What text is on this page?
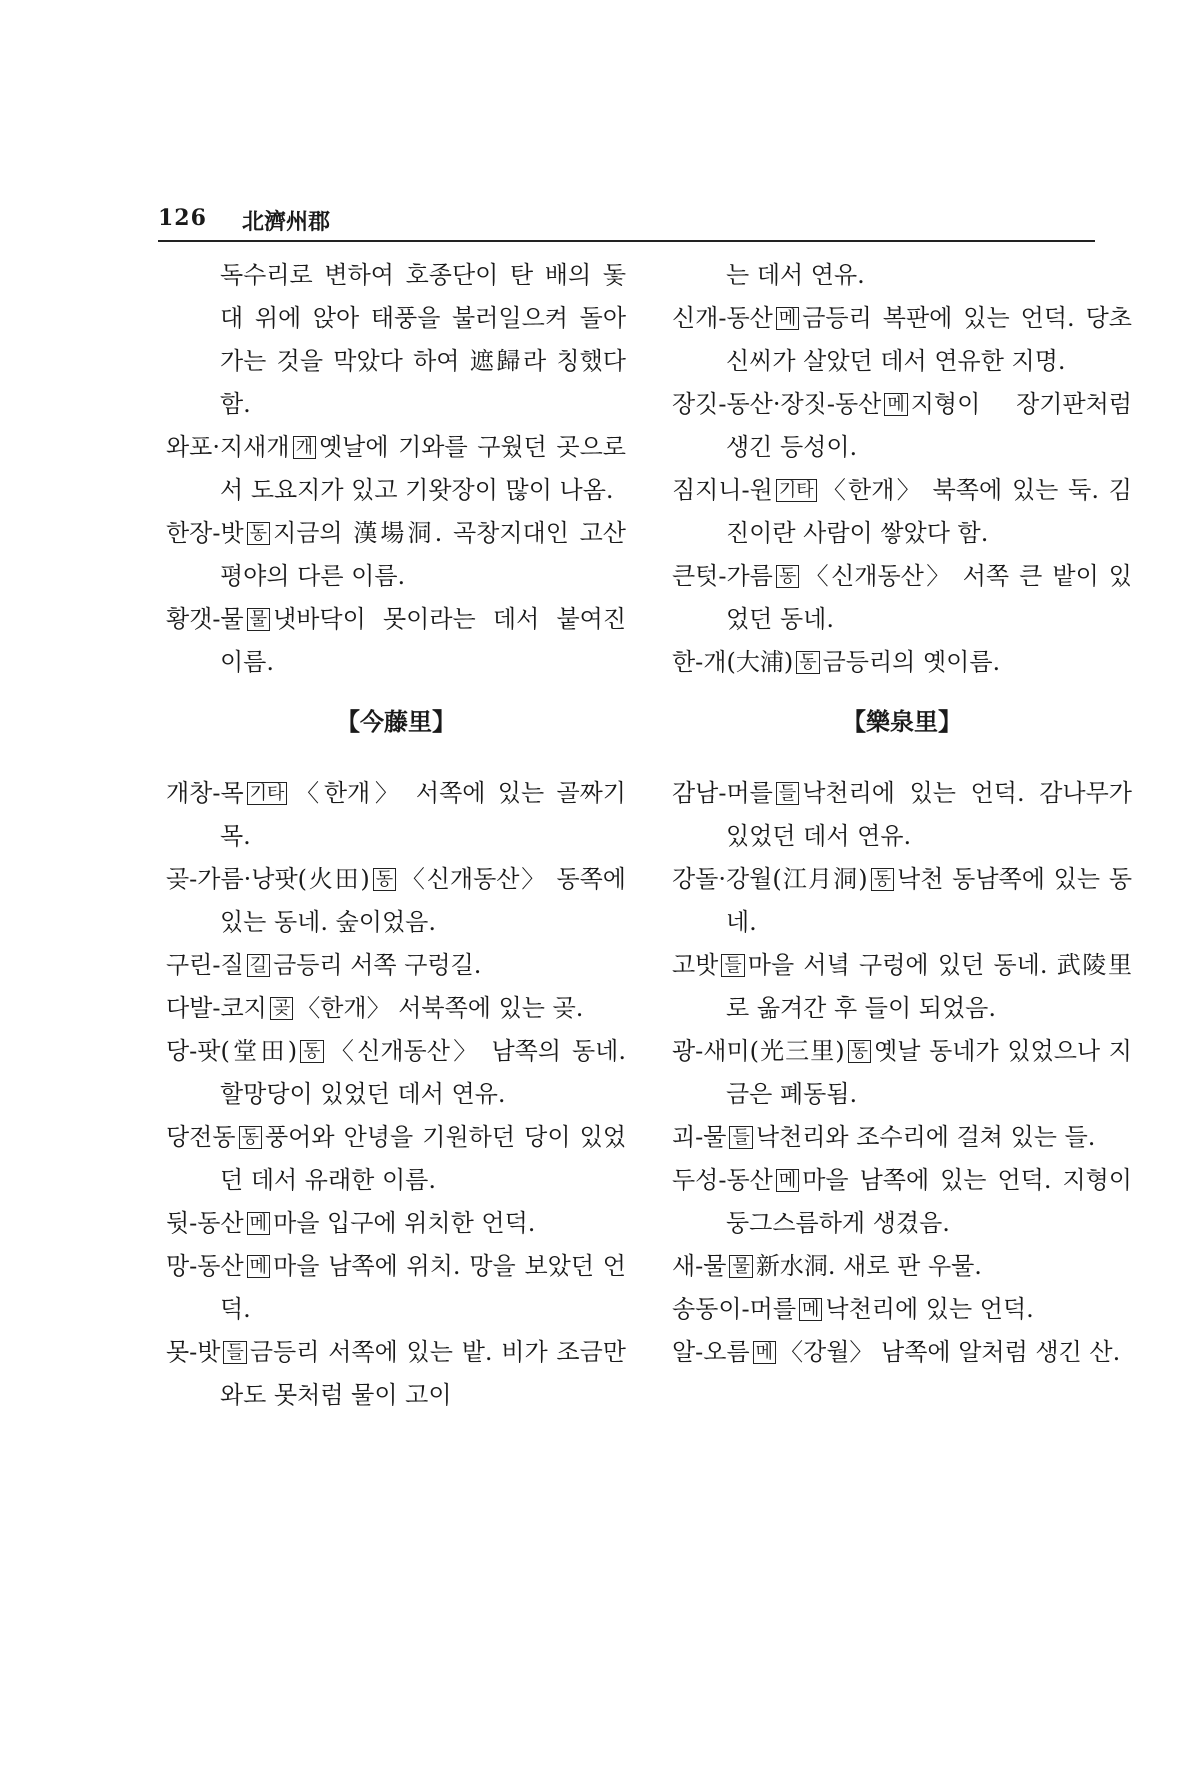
126 北濟州郡

독수리로 변하여 호종단이 탄 배의 돛대 위에 앉아 태풍을 불러일으켜 돌아가는 것을 막았다 하여 遮歸라 칭했다 함.

와포·지새개 개 옛날에 기와를 구웠던 곳으로서 도요지가 있고 기왓장이 많이 나옴.

한장-밧 동 지금의 漢場洞. 곡창지대인 고산평야의 다른 이름.

황갯-물 물 냇바닥이 못이라는 데서 붙여진 이름.

【今藤里】

개창-목 기타 〈한개〉 서쪽에 있는 골짜기 목.

곶-가름·낭팟(火田) 동 〈신개동산〉 동쪽에 있는 동네. 숲이었음.

구린-질 길 금등리 서쪽 구렁길.

다발-코지 곶 〈한개〉 서북쪽에 있는 곶.

당-팟(堂田) 동 〈신개동산〉 남쪽의 동네. 할망당이 있었던 데서 연유.

당전동 동 풍어와 안녕을 기원하던 당이 있었던 데서 유래한 이름.

뒷-동산 메 마을 입구에 위치한 언덕.

망-동산 메 마을 남쪽에 위치. 망을 보았던 언덕.

못-밧 들 금등리 서쪽에 있는 밭. 비가 조금만 와도 못처럼 물이 고이

는 데서 연유.

신개-동산 메 금등리 복판에 있는 언덕. 당초 신씨가 살았던 데서 연유한 지명.

장깃-동산·장짓-동산 메 지형이 장기판처럼 생긴 등성이.

짐지니-원 기타 〈한개〉 북쪽에 있는 둑. 김진이란 사람이 쌓았다 함.

큰텃-가름 동 〈신개동산〉 서쪽 큰 밭이 있었던 동네.

한-개(大浦) 동 금등리의 옛이름.

【樂泉里】

감남-머를 들 낙천리에 있는 언덕. 감나무가 있었던 데서 연유.

강돌·강월(江月洞) 동 낙천 동남쪽에 있는 동네.

고밧 들 마을 서녘 구렁에 있던 동네. 武陵里로 옮겨간 후 들이 되었음.

광-새미(光三里) 동 옛날 동네가 있었으나 지금은 폐동됨.

괴-물 들 낙천리와 조수리에 걸쳐 있는 들.

두성-동산 메 마을 남쪽에 있는 언덕. 지형이 둥그스름하게 생겼음.

새-물 물 新水洞. 새로 판 우물.

송동이-머를 메 낙천리에 있는 언덕.

알-오름 메 〈강월〉 남쪽에 알처럼 생긴 산.
